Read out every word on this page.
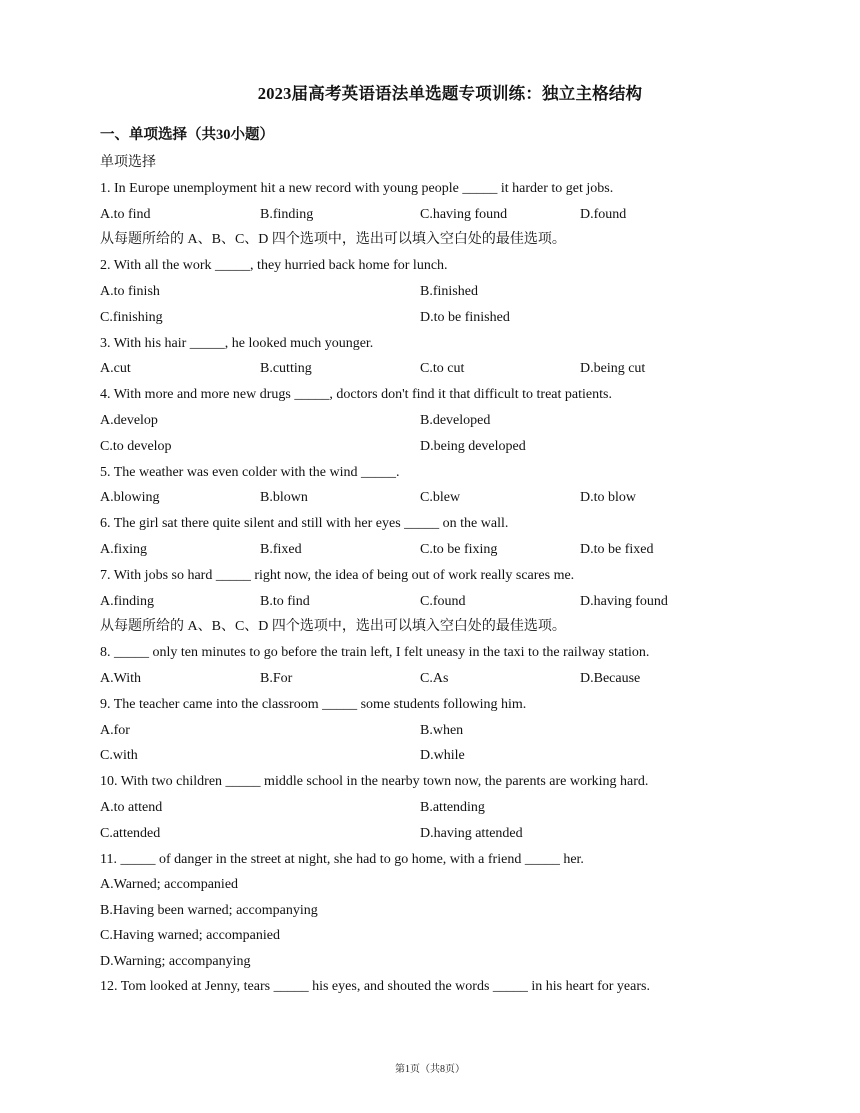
2023届高考英语语法单选题专项训练：独立主格结构
一、单项选择（共30小题）
单项选择
1. In Europe unemployment hit a new record with young people _____ it harder to get jobs.
A.to find	B.finding	C.having found	D.found
从每题所给的 A、B、C、D 四个选项中，选出可以填入空白处的最佳选项。
2. With all the work _____, they hurried back home for lunch.
A.to finish	B.finished
C.finishing	D.to be finished
3. With his hair _____, he looked much younger.
A.cut	B.cutting	C.to cut	D.being cut
4. With more and more new drugs _____, doctors don't find it that difficult to treat patients.
A.develop	B.developed
C.to develop	D.being developed
5. The weather was even colder with the wind _____.
A.blowing	B.blown	C.blew	D.to blow
6. The girl sat there quite silent and still with her eyes _____ on the wall.
A.fixing	B.fixed	C.to be fixing	D.to be fixed
7. With jobs so hard _____ right now, the idea of being out of work really scares me.
A.finding	B.to find	C.found	D.having found
从每题所给的 A、B、C、D 四个选项中，选出可以填入空白处的最佳选项。
8. _____ only ten minutes to go before the train left, I felt uneasy in the taxi to the railway station.
A.With	B.For	C.As	D.Because
9. The teacher came into the classroom _____ some students following him.
A.for	B.when
C.with	D.while
10. With two children _____ middle school in the nearby town now, the parents are working hard.
A.to attend	B.attending
C.attended	D.having attended
11. _____ of danger in the street at night, she had to go home, with a friend _____ her.
A.Warned; accompanied
B.Having been warned; accompanying
C.Having warned; accompanied
D.Warning; accompanying
12. Tom looked at Jenny, tears _____ his eyes, and shouted the words _____ in his heart for years.
第1页（共8页）
